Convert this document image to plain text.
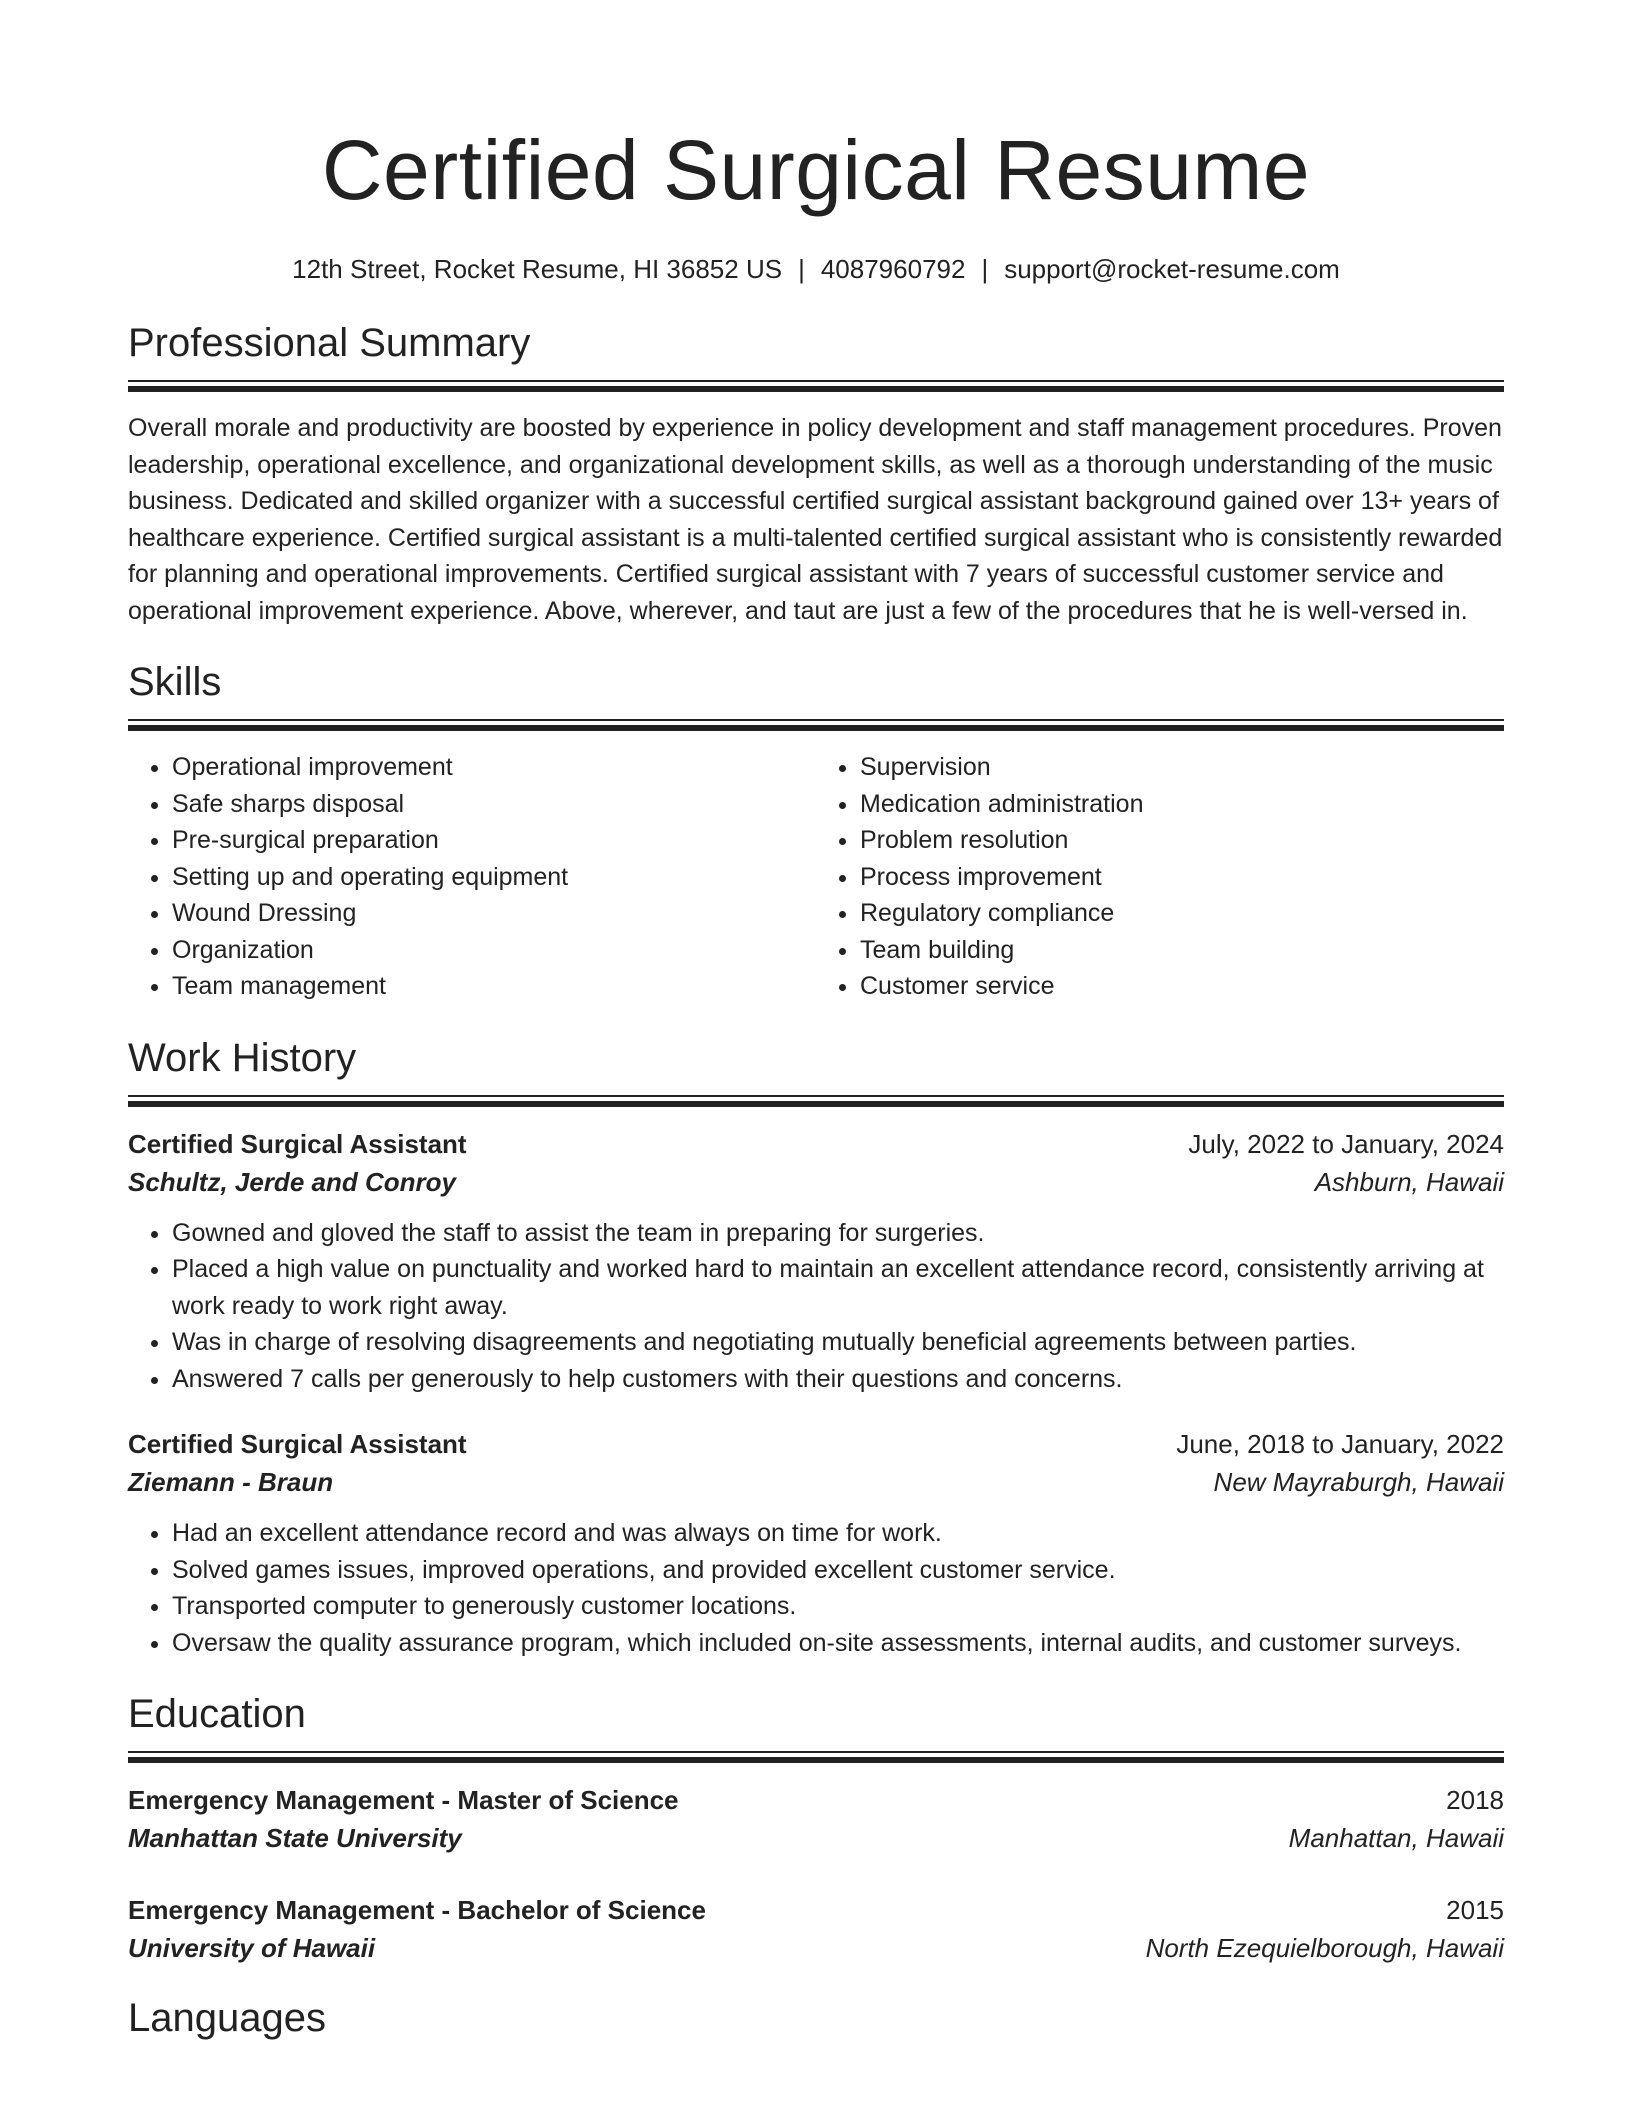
Certified Surgical Resume
12th Street, Rocket Resume, HI 36852 US | 4087960792 | support@rocket-resume.com
Professional Summary

Overall morale and productivity are boosted by experience in policy development and staff management procedures. Proven leadership, operational excellence, and organizational development skills, as well as a thorough understanding of the music business. Dedicated and skilled organizer with a successful certified surgical assistant background gained over 13+ years of healthcare experience. Certified surgical assistant is a multi-talented certified surgical assistant who is consistently rewarded for planning and operational improvements. Certified surgical assistant with 7 years of successful customer service and operational improvement experience. Above, wherever, and taut are just a few of the procedures that he is well-versed in.

Skills
• Operational improvement
• Safe sharps disposal
• Pre-surgical preparation
• Setting up and operating equipment
• Wound Dressing
• Organization
• Team management
• Supervision
• Medication administration
• Problem resolution
• Process improvement
• Regulatory compliance
• Team building
• Customer service
Work History
Certified Surgical Assistant	July, 2022 to January, 2024
Schultz, Jerde and Conroy	Ashburn, Hawaii
• Gowned and gloved the staff to assist the team in preparing for surgeries.
• Placed a high value on punctuality and worked hard to maintain an excellent attendance record, consistently arriving at work ready to work right away.
• Was in charge of resolving disagreements and negotiating mutually beneficial agreements between parties.
• Answered 7 calls per generously to help customers with their questions and concerns.
Certified Surgical Assistant	June, 2018 to January, 2022
Ziemann - Braun	New Mayraburgh, Hawaii
• Had an excellent attendance record and was always on time for work.
• Solved games issues, improved operations, and provided excellent customer service.
• Transported computer to generously customer locations.
• Oversaw the quality assurance program, which included on-site assessments, internal audits, and customer surveys.
Education
Emergency Management - Master of Science	2018
Manhattan State University	Manhattan, Hawaii
Emergency Management - Bachelor of Science	2015
University of Hawaii	North Ezequielborough, Hawaii
Languages
